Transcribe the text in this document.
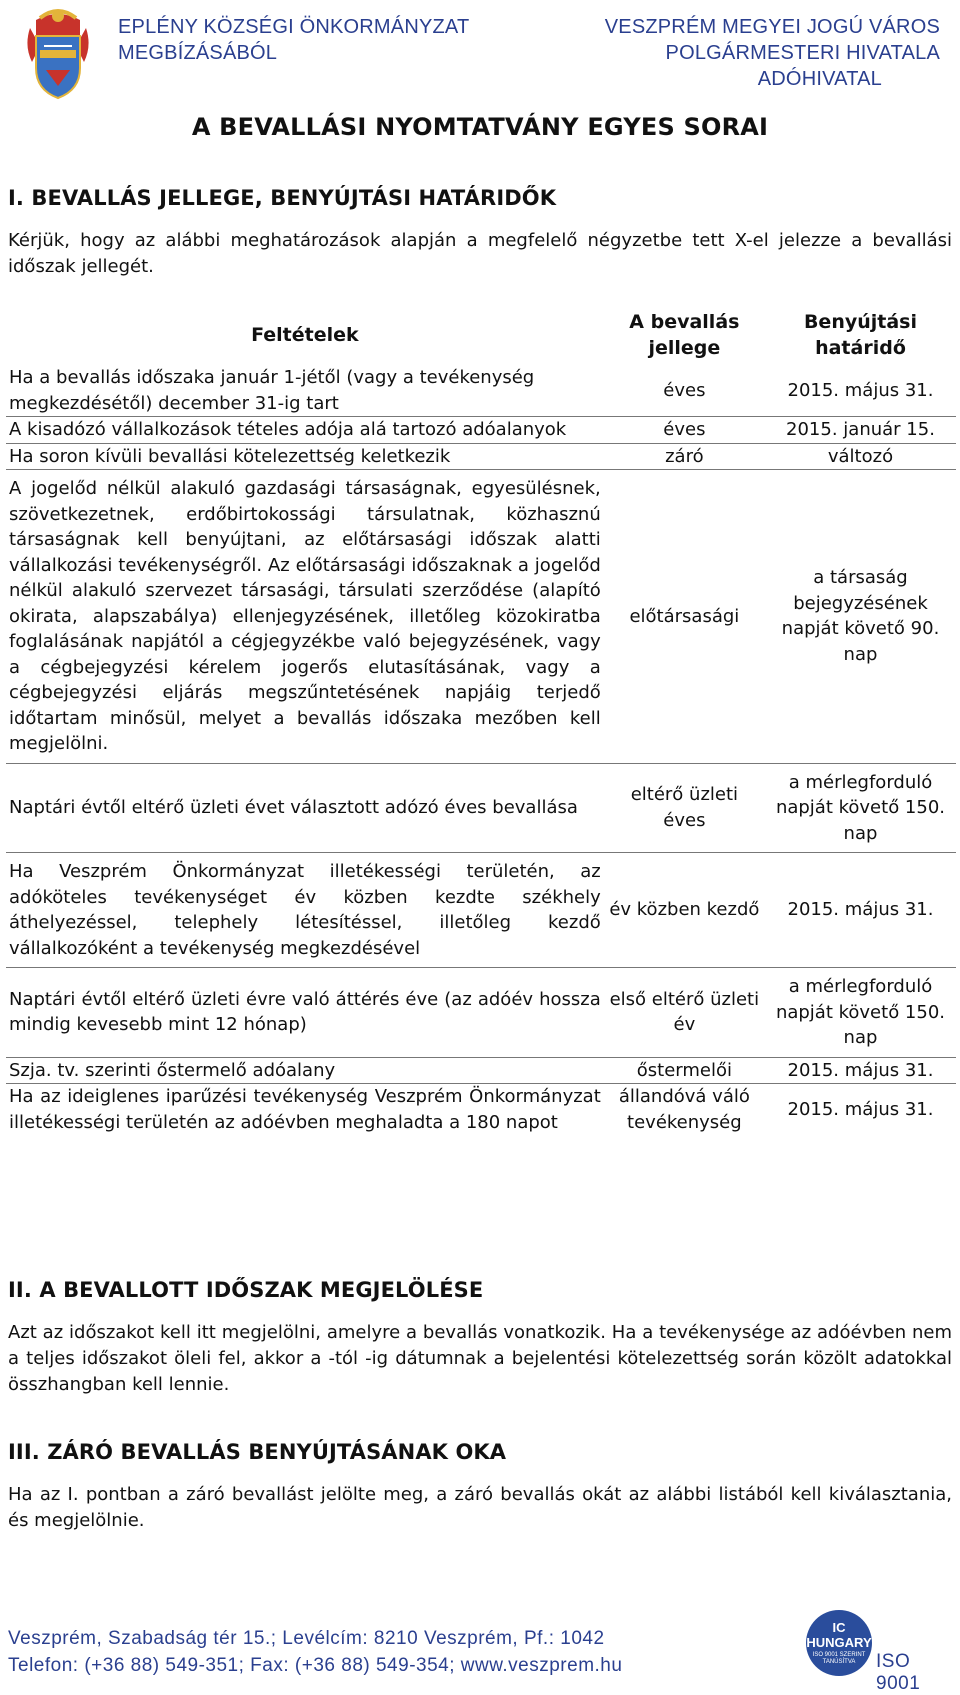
EPLÉNY KÖZSÉGI ÖNKORMÁNYZAT
MEGBÍZÁSÁBÓL
VESZPRÉM MEGYEI JOGÚ VÁROS
POLGÁRMESTERI HIVATALA
ADÓHIVATAL
A BEVALLÁSI NYOMTATVÁNY EGYES SORAI
I. BEVALLÁS JELLEGE, BENYÚJTÁSI HATÁRIDŐK
Kérjük, hogy az alábbi meghatározások alapján a megfelelő négyzetbe tett X-el jelezze a bevallási időszak jellegét.
Feltételek	A bevallás jellege	Benyújtási határidő
Ha a bevallás időszaka január 1-jétől (vagy a tevékenység megkezdésétől) december 31-ig tart	éves	2015. május 31.
A kisadózó vállalkozások tételes adója alá tartozó adóalanyok	éves	2015. január 15.
Ha soron kívüli bevallási kötelezettség keletkezik	záró	változó
A jogelőd nélkül alakuló gazdasági társaságnak, egyesülésnek, szövetkezetnek, erdőbirtokossági társulatnak, közhasznú társaságnak kell benyújtani, az előtársasági időszak alatti vállalkozási tevékenységről. Az előtársasági időszaknak a jogelőd nélkül alakuló szervezet társasági, társulati szerződése (alapító okirata, alapszabálya) ellenjegyzésének, illetőleg közokiratba foglalásának napjától a cégjegyzékbe való bejegyzésének, vagy a cégbejegyzési kérelem jogerős elutasításának, vagy a cégbejegyzési eljárás megszűntetésének napjáig terjedő időtartam minősül, melyet a bevallás időszaka mezőben kell megjelölni.	előtársasági	a társaság bejegyzésének napját követő 90. nap
Naptári évtől eltérő üzleti évet választott adózó éves bevallása	eltérő üzleti éves	a mérlegforduló napját követő 150. nap
Ha Veszprém Önkormányzat illetékességi területén, az adóköteles tevékenységet év közben kezdte székhely áthelyezéssel, telephely létesítéssel, illetőleg kezdő vállalkozóként a tevékenység megkezdésével	év közben kezdő	2015. május 31.
Naptári évtől eltérő üzleti évre való áttérés éve (az adóév hossza mindig kevesebb mint 12 hónap)	első eltérő üzleti év	a mérlegforduló napját követő 150. nap
Szja. tv. szerinti őstermelő adóalany	őstermelői	2015. május 31.
Ha az ideiglenes iparűzési tevékenység Veszprém Önkormányzat illetékességi területén az adóévben meghaladta a 180 napot	állandóvá váló tevékenység	2015. május 31.
II. A BEVALLOTT IDŐSZAK MEGJELÖLÉSE
Azt az időszakot kell itt megjelölni, amelyre a bevallás vonatkozik. Ha a tevékenysége az adóévben nem a teljes időszakot öleli fel, akkor a -tól -ig dátumnak a bejelentési kötelezettség során közölt adatokkal összhangban kell lennie.
III. ZÁRÓ BEVALLÁS BENYÚJTÁSÁNAK OKA
Ha az I. pontban a záró bevallást jelölte meg, a záró bevallás okát az alábbi listából kell kiválasztania, és megjelölnie.
Veszprém, Szabadság tér 15.; Levélcím: 8210 Veszprém, Pf.: 1042
Telefon: (+36 88) 549-351; Fax: (+36 88) 549-354; www.veszprem.hu
IC HUNGARY
ISO 9001 SZERINT TANÚSÍTVA	ISO 9001
